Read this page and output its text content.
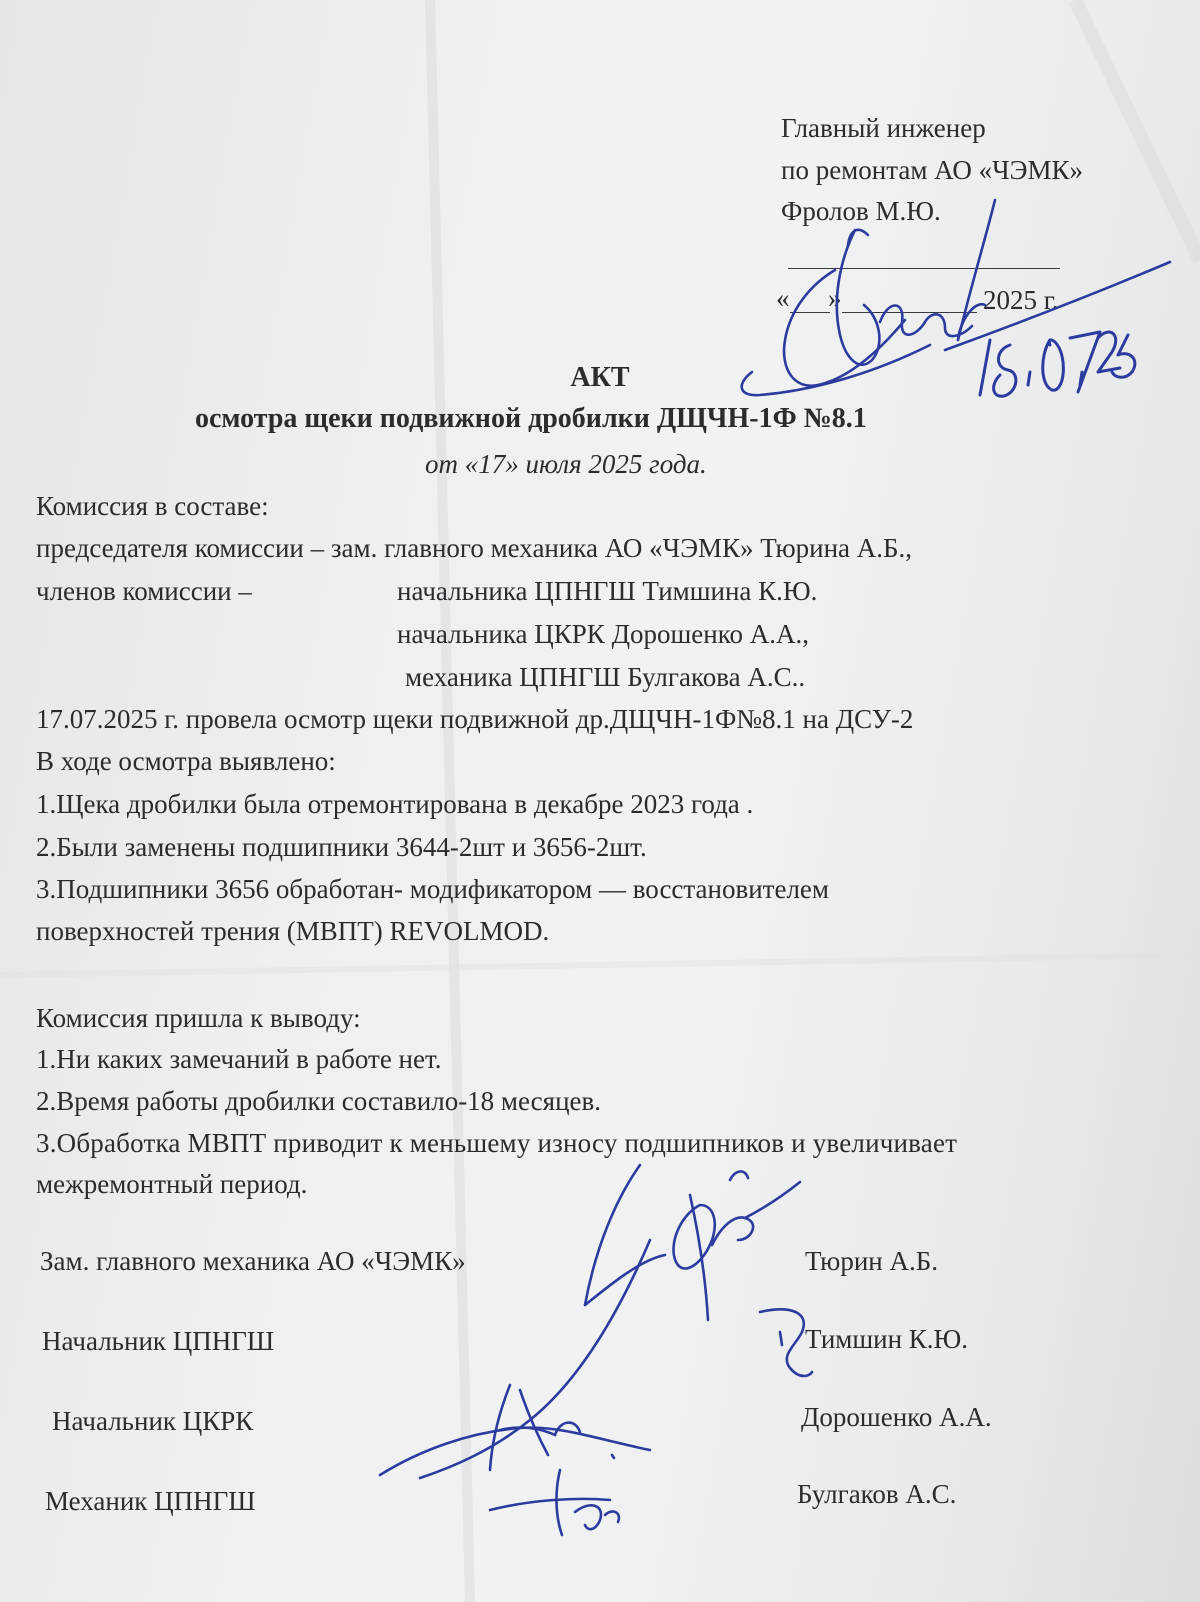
Главный инженер
по ремонтам АО «ЧЭМК»
Фролов М.Ю.
« »	2025 г.
АКТ
осмотра щеки подвижной дробилки ДЩЧН-1Ф №8.1
от «17» июля 2025 года.
Комиссия в составе:
председателя комиссии – зам. главного механика АО «ЧЭМК» Тюрина А.Б.,
членов комиссии –	начальника ЦПНГШ Тимшина К.Ю.
начальника ЦКРК Дорошенко А.А.,
механика ЦПНГШ Булгакова А.С..
17.07.2025 г. провела осмотр щеки подвижной др.ДЩЧН-1Ф№8.1 на ДСУ-2
В ходе осмотра выявлено:
1.Щека дробилки была отремонтирована в декабре 2023 года .
2.Были заменены подшипники 3644-2шт и 3656-2шт.
3.Подшипники 3656 обработан- модификатором — восстановителем
поверхностей трения (МВПТ) REVOLMOD.
Комиссия пришла к выводу:
1.Ни каких замечаний в работе нет.
2.Время работы дробилки составило-18 месяцев.
3.Обработка МВПТ приводит к меньшему износу подшипников и увеличивает
межремонтный период.
Зам. главного механика АО «ЧЭМК»	Тюрин А.Б.
Начальник ЦПНГШ	Тимшин К.Ю.
Начальник ЦКРК	Дорошенко А.А.
Механик ЦПНГШ	Булгаков А.С.
